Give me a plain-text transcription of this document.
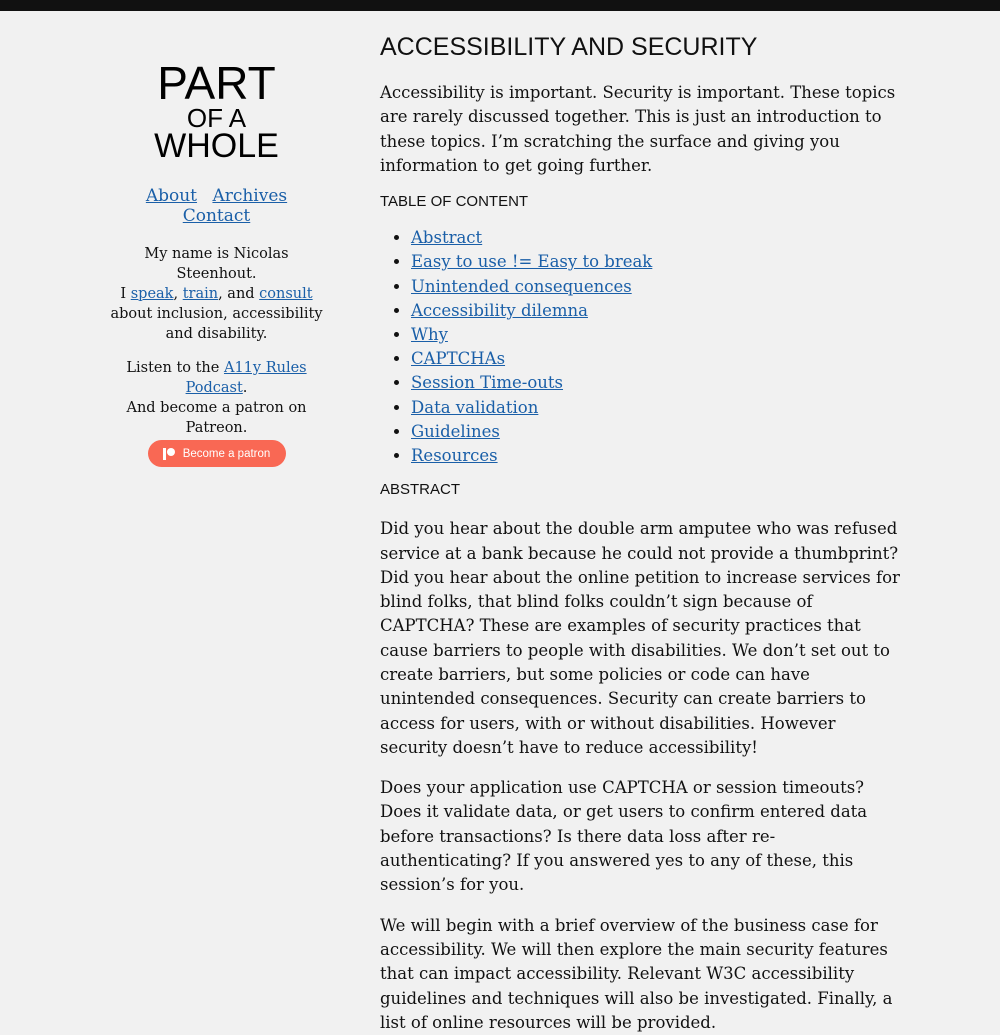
PART
OF A
WHOLE
About Archives Contact
My name is Nicolas Steenhout.
I speak, train, and consult about inclusion, accessibility and disability.
Listen to the A11y Rules Podcast.
And become a patron on Patreon.
Become a patron
ACCESSIBILITY AND SECURITY

Accessibility is important. Security is important. These topics are rarely discussed together. This is just an introduction to these topics. I’m scratching the surface and giving you information to get going further.

TABLE OF CONTENT
• Abstract
• Easy to use != Easy to break
• Unintended consequences
• Accessibility dilemna
• Why
• CAPTCHAs
• Session Time-outs
• Data validation
• Guidelines
• Resources
ABSTRACT

Did you hear about the double arm amputee who was refused service at a bank because he could not provide a thumbprint? Did you hear about the online petition to increase services for blind folks, that blind folks couldn’t sign because of CAPTCHA? These are examples of security practices that cause barriers to people with disabilities. We don’t set out to create barriers, but some policies or code can have unintended consequences. Security can create barriers to access for users, with or without disabilities. However security doesn’t have to reduce accessibility!

Does your application use CAPTCHA or session timeouts? Does it validate data, or get users to confirm entered data before transactions? Is there data loss after re-authenticating? If you answered yes to any of these, this session’s for you.

We will begin with a brief overview of the business case for accessibility. We will then explore the main security features that can impact accessibility. Relevant W3C accessibility guidelines and techniques will also be investigated. Finally, a list of online resources will be provided.
